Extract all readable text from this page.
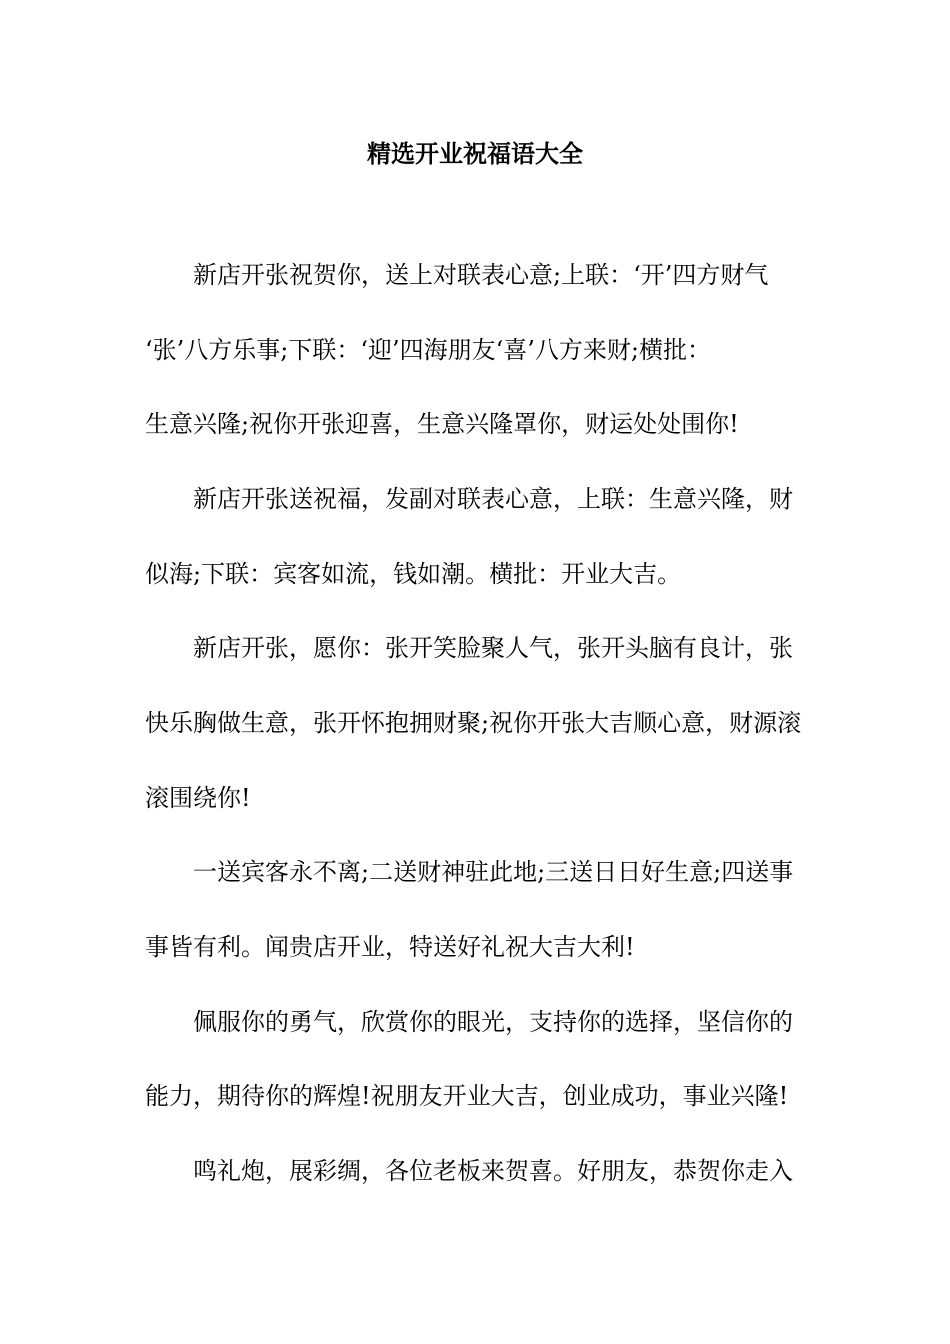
精选开业祝福语大全
新店开张祝贺你，送上对联表心意;上联：‘开’四方财气
‘张’八方乐事;下联：‘迎’四海朋友‘喜’八方来财;横批：
生意兴隆;祝你开张迎喜，生意兴隆罩你，财运处处围你!
新店开张送祝福，发副对联表心意，上联：生意兴隆，财
似海;下联：宾客如流，钱如潮。横批：开业大吉。
新店开张，愿你：张开笑脸聚人气，张开头脑有良计，张
快乐胸做生意，张开怀抱拥财聚;祝你开张大吉顺心意，财源滚
滚围绕你!
一送宾客永不离;二送财神驻此地;三送日日好生意;四送事
事皆有利。闻贵店开业，特送好礼祝大吉大利!
佩服你的勇气，欣赏你的眼光，支持你的选择，坚信你的
能力，期待你的辉煌!祝朋友开业大吉，创业成功，事业兴隆!
鸣礼炮，展彩绸，各位老板来贺喜。好朋友，恭贺你走入
